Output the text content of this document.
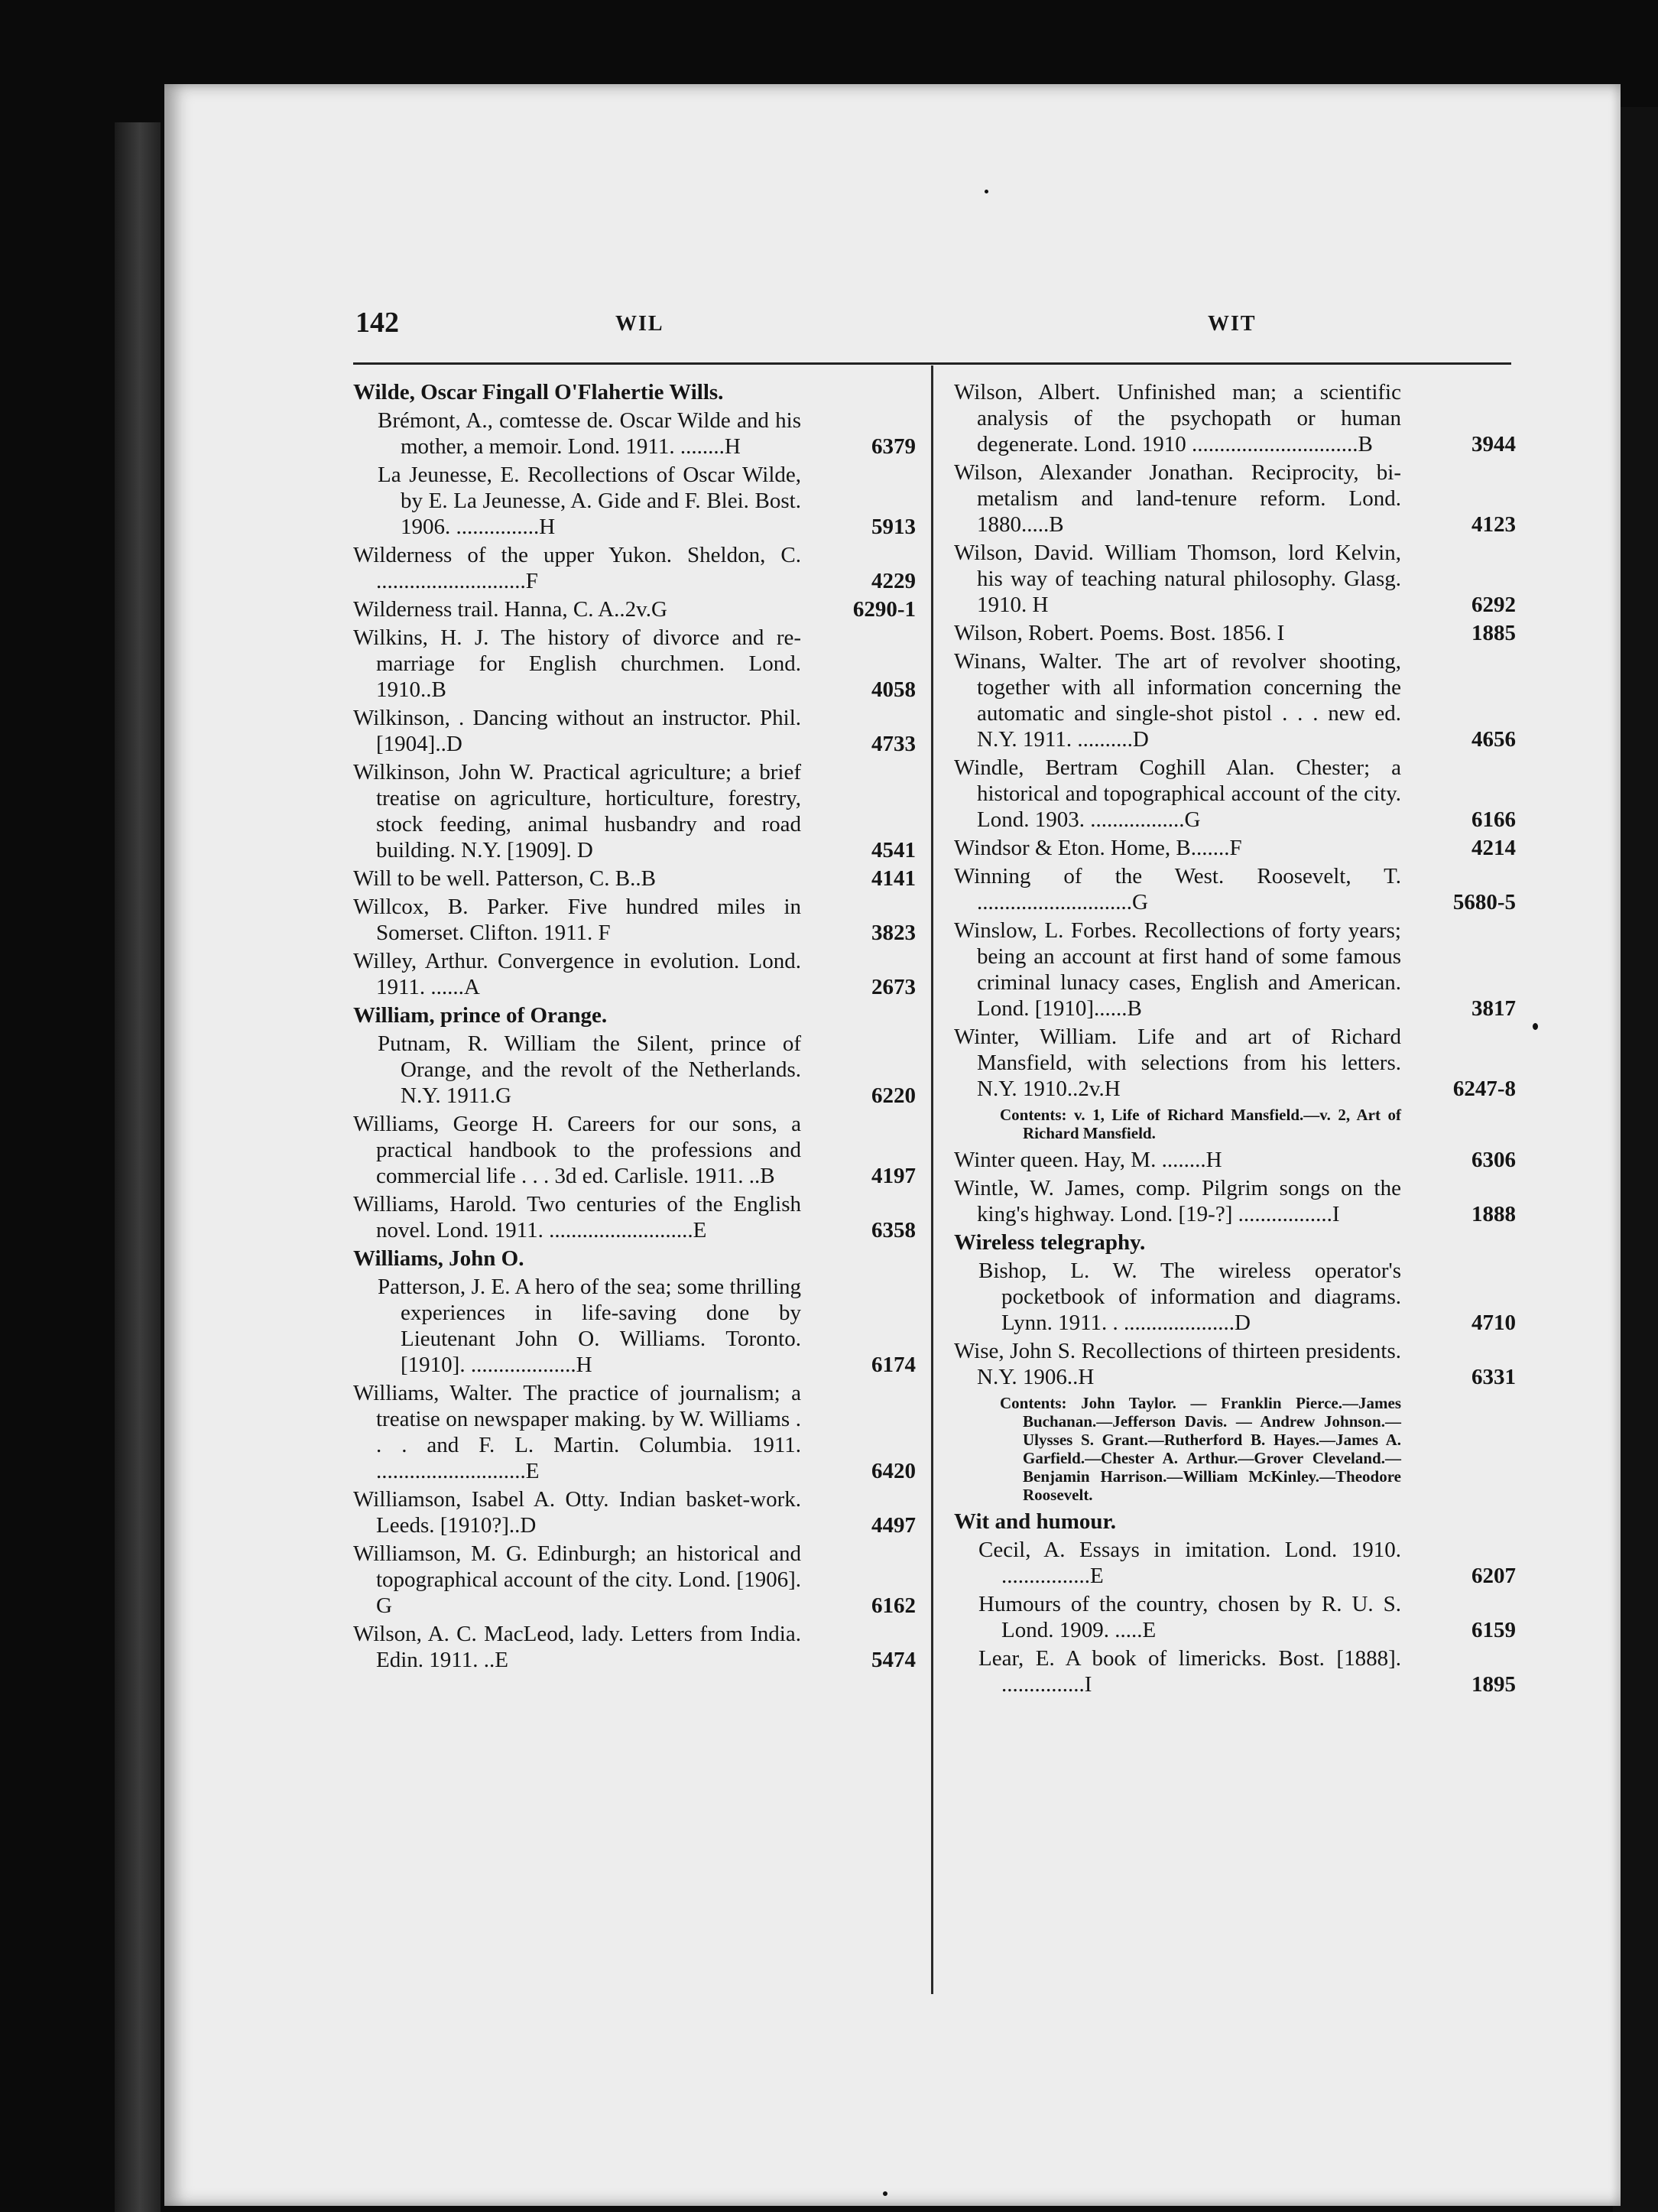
142	WIL	WIT
Wilde, Oscar Fingall O'Flahertie Wills.
Brémont, A., comtesse de. Oscar Wilde and his mother, a memoir. Lond. 1911. ........H	6379
La Jeunesse, E. Recollections of Oscar Wilde, by E. La Jeunesse, A. Gide and F. Blei. Bost. 1906. ...............H	5913
Wilderness of the upper Yukon. Sheldon, C. ...........................F	4229
Wilderness trail. Hanna, C. A..2v.G	6290-1
Wilkins, H. J. The history of divorce and re-marriage for English churchmen. Lond. 1910..B	4058
Wilkinson, . Dancing without an instructor. Phil. [1904]..D	4733
Wilkinson, John W. Practical agriculture; a brief treatise on agriculture, horticulture, forestry, stock feeding, animal husbandry and road building. N.Y. [1909]. D	4541
Will to be well. Patterson, C. B..B	4141
Willcox, B. Parker. Five hundred miles in Somerset. Clifton. 1911. F	3823
Willey, Arthur. Convergence in evolution. Lond. 1911. ......A	2673
William, prince of Orange.
Putnam, R. William the Silent, prince of Orange, and the revolt of the Netherlands. N.Y. 1911.G	6220
Williams, George H. Careers for our sons, a practical handbook to the professions and commercial life . . . 3d ed. Carlisle. 1911. ..B	4197
Williams, Harold. Two centuries of the English novel. Lond. 1911. ..........................E	6358
Williams, John O.
Patterson, J. E. A hero of the sea; some thrilling experiences in life-saving done by Lieutenant John O. Williams. Toronto. [1910]. ...................H	6174
Williams, Walter. The practice of journalism; a treatise on newspaper making. by W. Williams . . . and F. L. Martin. Columbia. 1911. ...........................E	6420
Williamson, Isabel A. Otty. Indian basket-work. Leeds. [1910?]..D	4497
Williamson, M. G. Edinburgh; an historical and topographical account of the city. Lond. [1906]. G	6162
Wilson, A. C. MacLeod, lady. Letters from India. Edin. 1911. ..E	5474
Wilson, Albert. Unfinished man; a scientific analysis of the psychopath or human degenerate. Lond. 1910 ..............................B	3944
Wilson, Alexander Jonathan. Reciprocity, bi-metalism and land-tenure reform. Lond. 1880.....B	4123
Wilson, David. William Thomson, lord Kelvin, his way of teaching natural philosophy. Glasg. 1910. H	6292
Wilson, Robert. Poems. Bost. 1856. I	1885
Winans, Walter. The art of revolver shooting, together with all information concerning the automatic and single-shot pistol . . . new ed. N.Y. 1911. ..........D	4656
Windle, Bertram Coghill Alan. Chester; a historical and topographical account of the city. Lond. 1903. .................G	6166
Windsor & Eton. Home, B.......F	4214
Winning of the West. Roosevelt, T. ............................G	5680-5
Winslow, L. Forbes. Recollections of forty years; being an account at first hand of some famous criminal lunacy cases, English and American. Lond. [1910]......B	3817
Winter, William. Life and art of Richard Mansfield, with selections from his letters. N.Y. 1910..2v.H	6247-8
Contents: v. 1, Life of Richard Mansfield.—v. 2, Art of Richard Mansfield.
Winter queen. Hay, M. ........H	6306
Wintle, W. James, comp. Pilgrim songs on the king's highway. Lond. [19-?] .................I	1888
Wireless telegraphy.
Bishop, L. W. The wireless operator's pocketbook of information and diagrams. Lynn. 1911. . ....................D	4710
Wise, John S. Recollections of thirteen presidents. N.Y. 1906..H	6331
Contents: John Taylor. — Franklin Pierce.—James Buchanan.—Jefferson Davis. — Andrew Johnson.— Ulysses S. Grant.—Rutherford B. Hayes.—James A. Garfield.—Chester A. Arthur.—Grover Cleveland.— Benjamin Harrison.—William McKinley.—Theodore Roosevelt.
Wit and humour.
Cecil, A. Essays in imitation. Lond. 1910. ................E	6207
Humours of the country, chosen by R. U. S. Lond. 1909. .....E	6159
Lear, E. A book of limericks. Bost. [1888]. ...............I	1895
